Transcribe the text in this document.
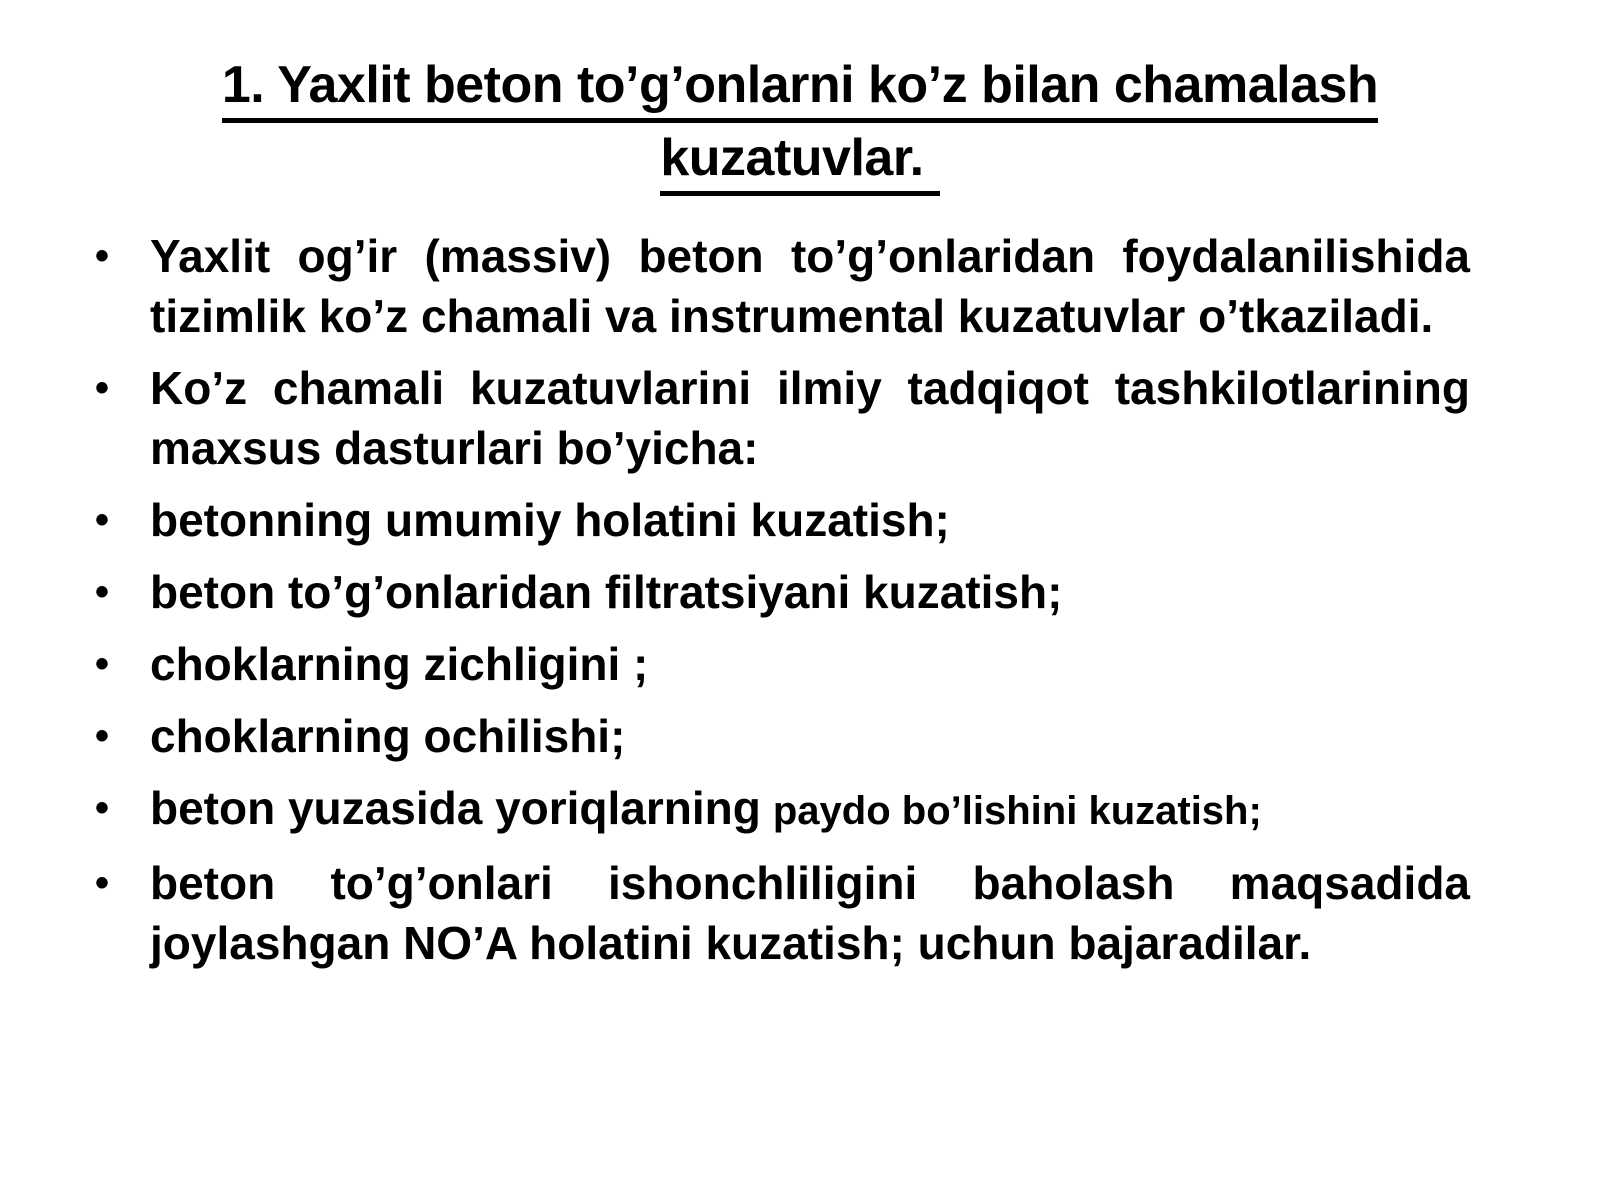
1. Yaxlit beton to’g’onlarni ko’z bilan chamalash
kuzatuvlar.
• Yaxlit og’ir (massiv) beton to’g’onlaridan foydalanilishida tizimlik ko’z chamali va instrumental kuzatuvlar o’tkaziladi.
• Ko’z chamali kuzatuvlarini ilmiy tadqiqot tashkilotlarining maxsus dasturlari bo’yicha:
• betonning umumiy holatini kuzatish;
• beton to’g’onlaridan filtratsiyani kuzatish;
• choklarning zichligini ;
• choklarning ochilishi;
• beton yuzasida yoriqlarning paydo bo’lishini kuzatish;
• beton to’g’onlari ishonchliligini baholash maqsadida joylashgan NO’A holatini kuzatish; uchun bajaradilar.
